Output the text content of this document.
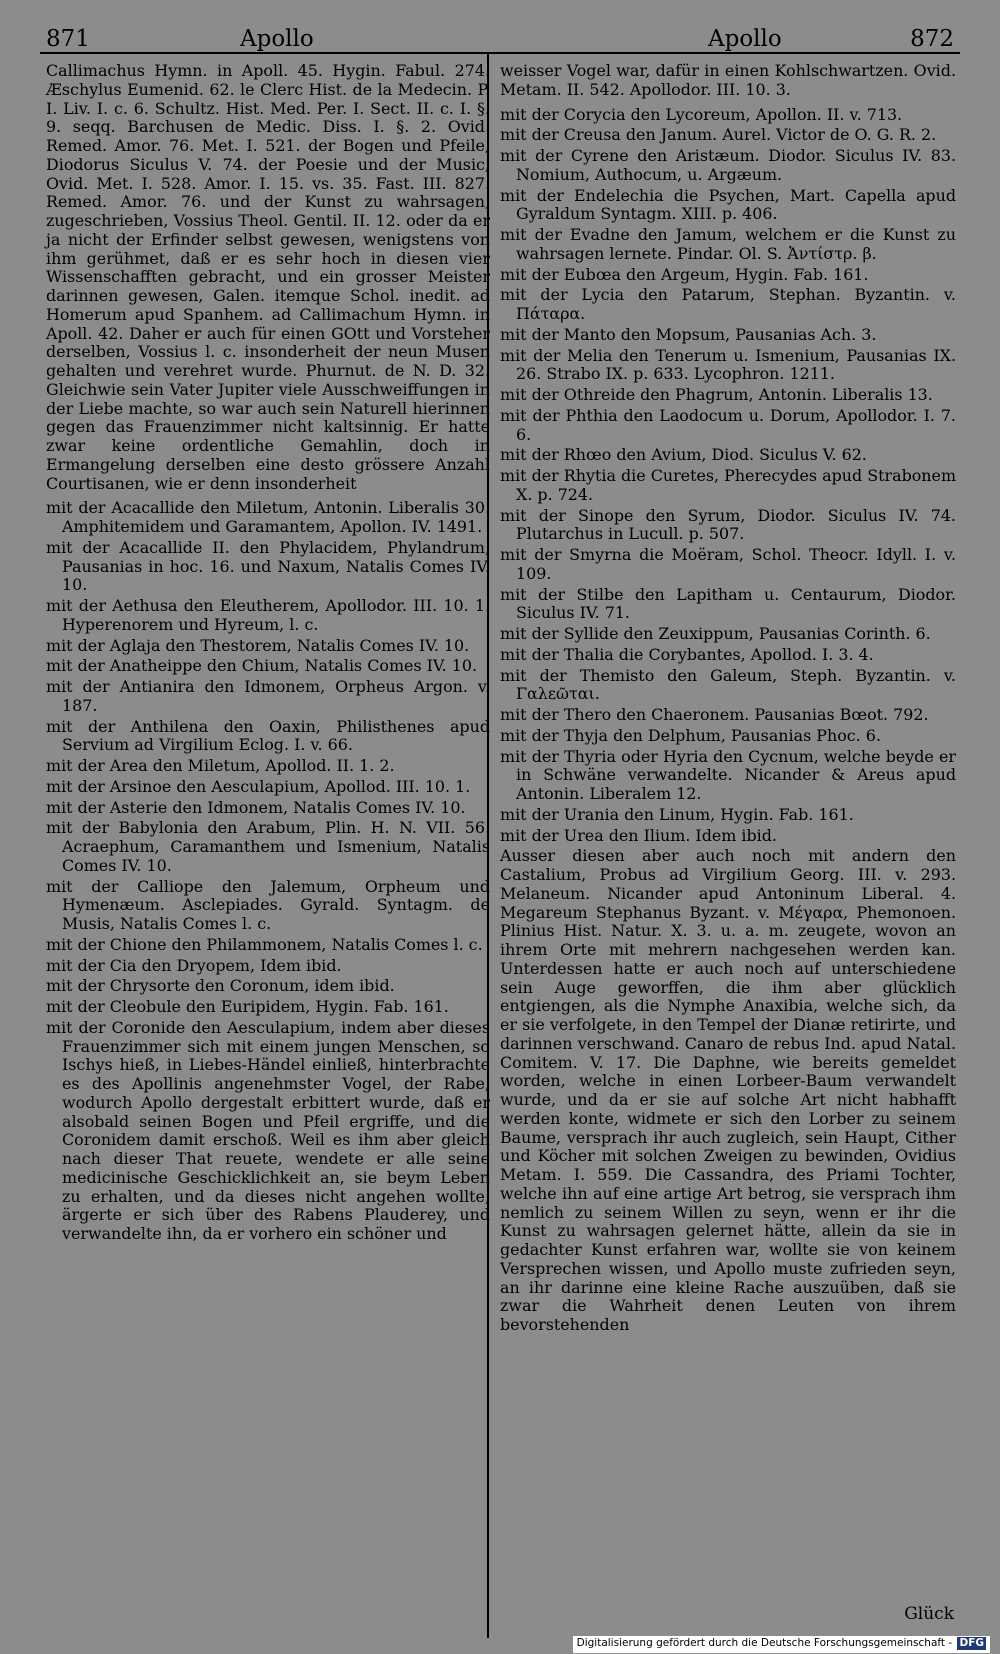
871	Apollo	Apollo	872

Callimachus Hymn. in Apoll. 45. Hygin. Fabul. 274. Æschylus Eumenid. 62. le Clerc Hist. de la Medecin. P. I. Liv. I. c. 6. Schultz. Hist. Med. Per. I. Sect. II. c. I. §. 9. seqq. Barchusen de Medic. Diss. I. §. 2. Ovid. Remed. Amor. 76. Met. I. 521. der Bogen und Pfeile, Diodorus Siculus V. 74. der Poesie und der Music, Ovid. Met. I. 528. Amor. I. 15. vs. 35. Fast. III. 827. Remed. Amor. 76. und der Kunst zu wahrsagen, zugeschrieben, Vossius Theol. Gentil. II. 12. oder da er ja nicht der Erfinder selbst gewesen, wenigstens von ihm gerühmet, daß er es sehr hoch in diesen vier Wissenschafften gebracht, und ein grosser Meister darinnen gewesen, Galen. itemque Schol. inedit. ad Homerum apud Spanhem. ad Callimachum Hymn. in Apoll. 42. Daher er auch für einen GOtt und Vorsteher derselben, Vossius l. c. insonderheit der neun Musen gehalten und verehret wurde. Phurnut. de N. D. 32. Gleichwie sein Vater Jupiter viele Ausschweiffungen in der Liebe machte, so war auch sein Naturell hierinnen gegen das Frauenzimmer nicht kaltsinnig. Er hatte zwar keine ordentliche Gemahlin, doch in Ermangelung derselben eine desto grössere Anzahl Courtisanen, wie er denn insonderheit

mit der Acacallide den Miletum, Antonin. Liberalis 30. Amphitemidem und Garamantem, Apollon. IV. 1491.
mit der Acacallide II. den Phylacidem, Phylandrum, Pausanias in hoc. 16. und Naxum, Natalis Comes IV. 10.
mit der Aethusa den Eleutherem, Apollodor. III. 10. 1. Hyperenorem und Hyreum, l. c.
mit der Aglaja den Thestorem, Natalis Comes IV. 10.
mit der Anatheippe den Chium, Natalis Comes IV. 10.
mit der Antianira den Idmonem, Orpheus Argon. v. 187.
mit der Anthilena den Oaxin, Philisthenes apud Servium ad Virgilium Eclog. I. v. 66.
mit der Area den Miletum, Apollod. II. 1. 2.
mit der Arsinoe den Aesculapium, Apollod. III. 10. 1.
mit der Asterie den Idmonem, Natalis Comes IV. 10.
mit der Babylonia den Arabum, Plin. H. N. VII. 56. Acraephum, Caramanthem und Ismenium, Natalis Comes IV. 10.
mit der Calliope den Jalemum, Orpheum und Hymenæum. Asclepiades. Gyrald. Syntagm. de Musis, Natalis Comes l. c.
mit der Chione den Philammonem, Natalis Comes l. c.
mit der Cia den Dryopem, Idem ibid.
mit der Chrysorte den Coronum, idem ibid.
mit der Cleobule den Euripidem, Hygin. Fab. 161.
mit der Coronide den Aesculapium, indem aber dieses Frauenzimmer sich mit einem jungen Menschen, so Ischys hieß, in Liebes-Händel einließ, hinterbrachte es des Apollinis angenehmster Vogel, der Rabe, wodurch Apollo dergestalt erbittert wurde, daß er alsobald seinen Bogen und Pfeil ergriffe, und die Coronidem damit erschoß. Weil es ihm aber gleich nach dieser That reuete, wendete er alle seine medicinische Geschicklichkeit an, sie beym Leben zu erhalten, und da dieses nicht angehen wollte, ärgerte er sich über des Rabens Plauderey, und verwandelte ihn, da er vorhero ein schöner und

weisser Vogel war, dafür in einen Kohlschwartzen. Ovid. Metam. II. 542. Apollodor. III. 10. 3.

mit der Corycia den Lycoreum, Apollon. II. v. 713.
mit der Creusa den Janum. Aurel. Victor de O. G. R. 2.
mit der Cyrene den Aristæum. Diodor. Siculus IV. 83. Nomium, Authocum, u. Argæum.
mit der Endelechia die Psychen, Mart. Capella apud Gyraldum Syntagm. XIII. p. 406.
mit der Evadne den Jamum, welchem er die Kunst zu wahrsagen lernete. Pindar. Ol. S. Ἀντίστρ. β.
mit der Eubœa den Argeum, Hygin. Fab. 161.
mit der Lycia den Patarum, Stephan. Byzantin. v. Πάταρα.
mit der Manto den Mopsum, Pausanias Ach. 3.
mit der Melia den Tenerum u. Ismenium, Pausanias IX. 26. Strabo IX. p. 633. Lycophron. 1211.
mit der Othreide den Phagrum, Antonin. Liberalis 13.
mit der Phthia den Laodocum u. Dorum, Apollodor. I. 7. 6.
mit der Rhœo den Avium, Diod. Siculus V. 62.
mit der Rhytia die Curetes, Pherecydes apud Strabonem X. p. 724.
mit der Sinope den Syrum, Diodor. Siculus IV. 74. Plutarchus in Lucull. p. 507.
mit der Smyrna die Moëram, Schol. Theocr. Idyll. I. v. 109.
mit der Stilbe den Lapitham u. Centaurum, Diodor. Siculus IV. 71.
mit der Syllide den Zeuxippum, Pausanias Corinth. 6.
mit der Thalia die Corybantes, Apollod. I. 3. 4.
mit der Themisto den Galeum, Steph. Byzantin. v. Γαλεῶται.
mit der Thero den Chaeronem. Pausanias Bœot. 792.
mit der Thyja den Delphum, Pausanias Phoc. 6.
mit der Thyria oder Hyria den Cycnum, welche beyde er in Schwäne verwandelte. Nicander & Areus apud Antonin. Liberalem 12.
mit der Urania den Linum, Hygin. Fab. 161.
mit der Urea den Ilium. Idem ibid.

Ausser diesen aber auch noch mit andern den Castalium, Probus ad Virgilium Georg. III. v. 293. Melaneum. Nicander apud Antoninum Liberal. 4. Megareum Stephanus Byzant. v. Μέγαρα, Phemonoen. Plinius Hist. Natur. X. 3. u. a. m. zeugete, wovon an ihrem Orte mit mehrern nachgesehen werden kan. Unterdessen hatte er auch noch auf unterschiedene sein Auge geworffen, die ihm aber glücklich entgiengen, als die Nymphe Anaxibia, welche sich, da er sie verfolgete, in den Tempel der Dianæ retirirte, und darinnen verschwand. Canaro de rebus Ind. apud Natal. Comitem. V. 17. Die Daphne, wie bereits gemeldet worden, welche in einen Lorbeer-Baum verwandelt wurde, und da er sie auf solche Art nicht habhafft werden konte, widmete er sich den Lorber zu seinem Baume, versprach ihr auch zugleich, sein Haupt, Cither und Köcher mit solchen Zweigen zu bewinden, Ovidius Metam. I. 559. Die Cassandra, des Priami Tochter, welche ihn auf eine artige Art betrog, sie versprach ihm nemlich zu seinem Willen zu seyn, wenn er ihr die Kunst zu wahrsagen gelernet hätte, allein da sie in gedachter Kunst erfahren war, wollte sie von keinem Versprechen wissen, und Apollo muste zufrieden seyn, an ihr darinne eine kleine Rache auszuüben, daß sie zwar die Wahrheit denen Leuten von ihrem bevorstehenden

Glück
Digitalisierung gefördert durch die Deutsche Forschungsgemeinschaft - DFG
